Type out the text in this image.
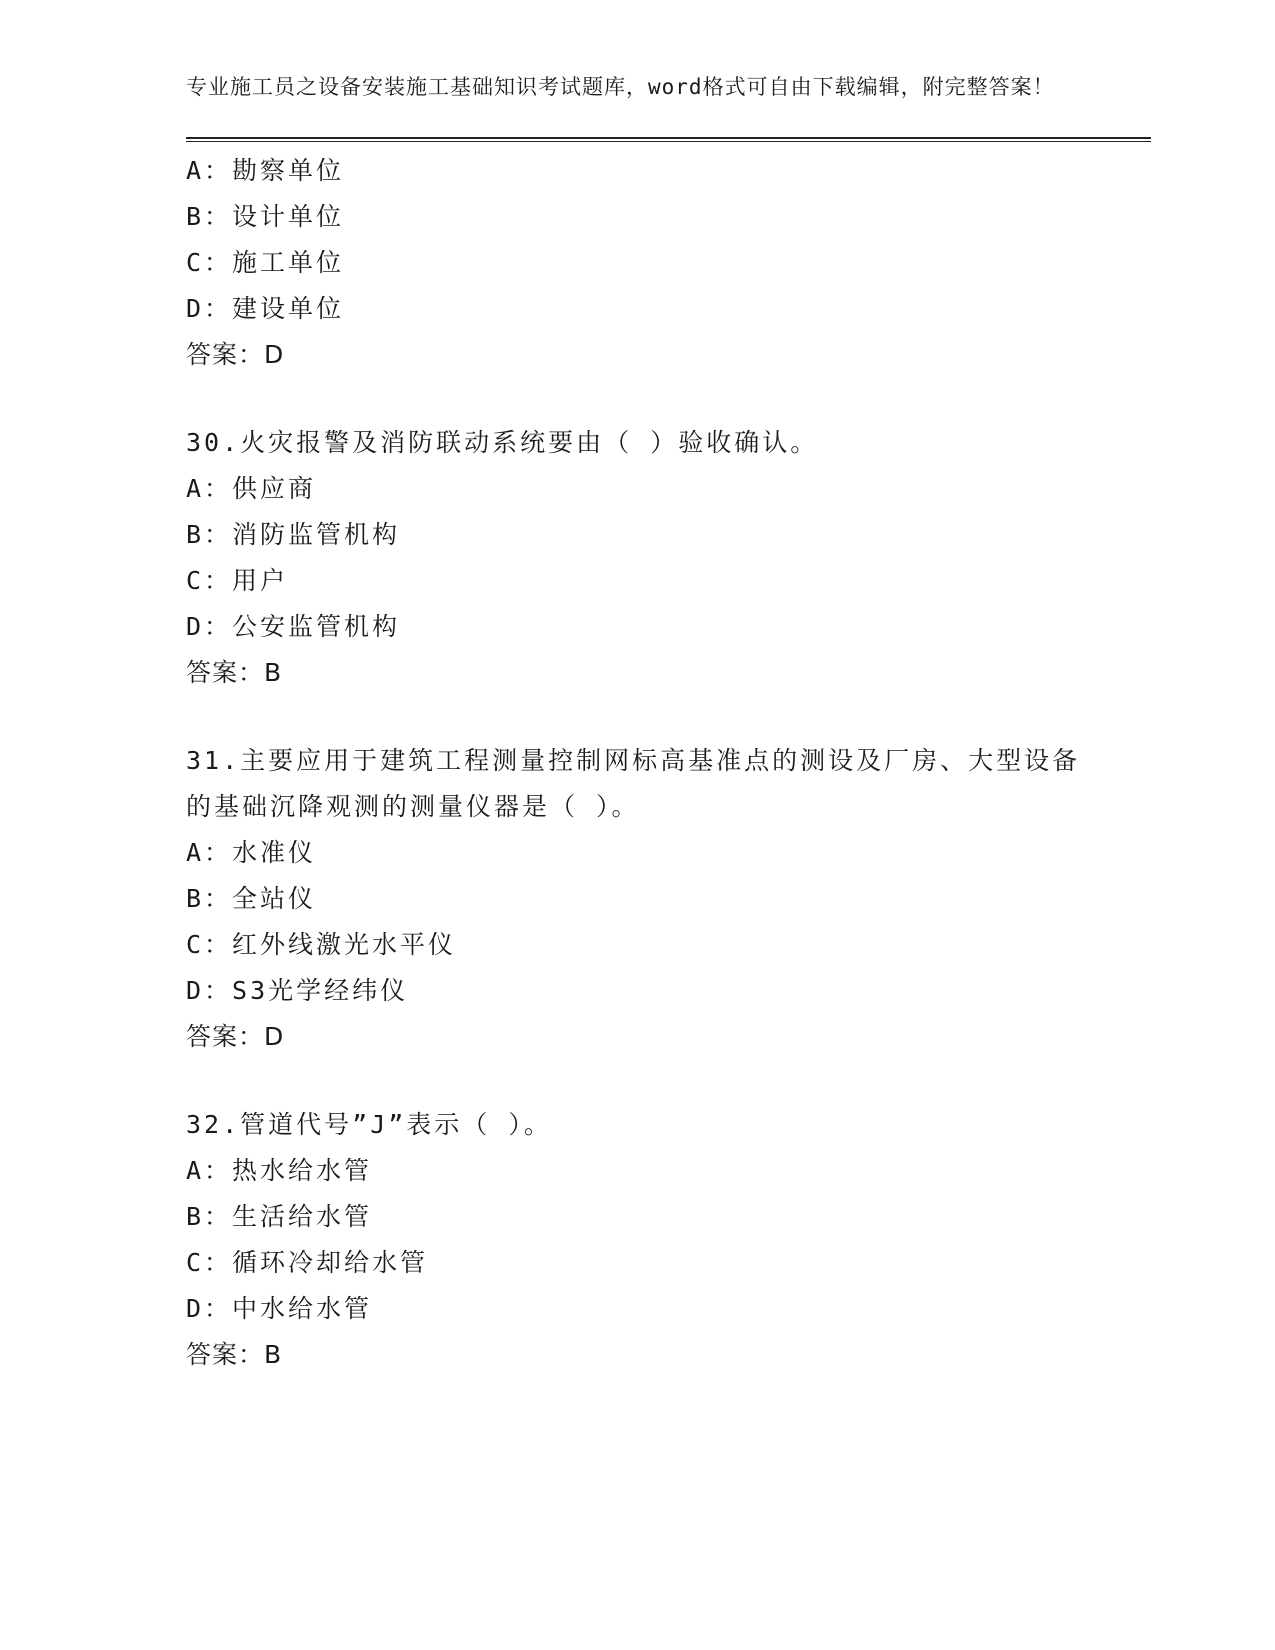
专业施工员之设备安装施工基础知识考试题库，word格式可自由下载编辑，附完整答案！

A：勘察单位
B：设计单位
C：施工单位
D：建设单位
答案：D
30.火灾报警及消防联动系统要由（ ）验收确认。
A：供应商
B：消防监管机构
C：用户
D：公安监管机构
答案：B
31.主要应用于建筑工程测量控制网标高基准点的测设及厂房、大型设备的基础沉降观测的测量仪器是（ ）。
A：水准仪
B：全站仪
C：红外线激光水平仪
D：S3光学经纬仪
答案：D
32.管道代号”J”表示（ ）。
A：热水给水管
B：生活给水管
C：循环冷却给水管
D：中水给水管
答案：B
